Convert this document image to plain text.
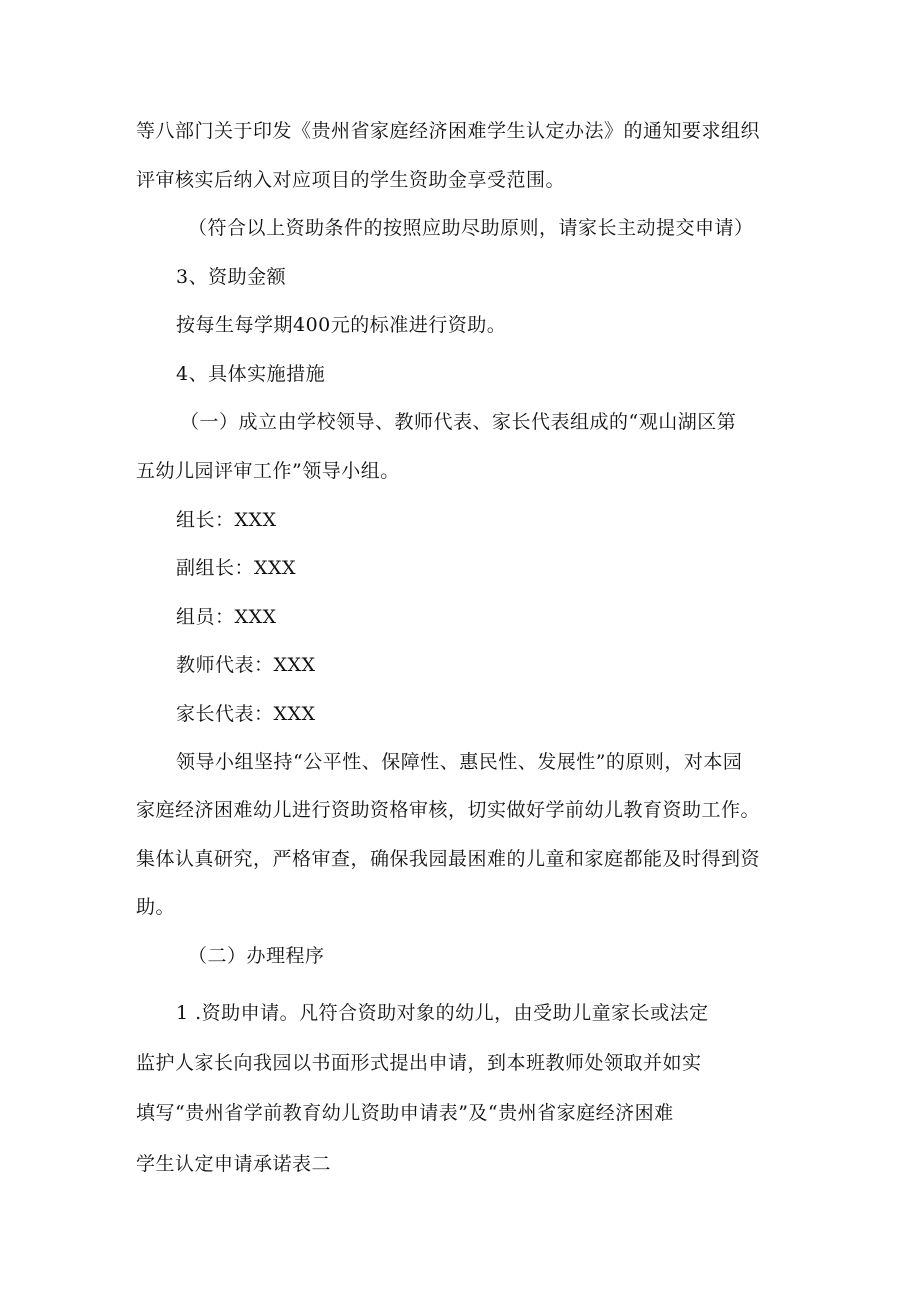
等八部门关于印发《贵州省家庭经济困难学生认定办法》的通知要求组织
评审核实后纳入对应项目的学生资助金享受范围。
（符合以上资助条件的按照应助尽助原则，请家长主动提交申请）
3、资助金额
按每生每学期400元的标准进行资助。
4、具体实施措施
（一）成立由学校领导、教师代表、家长代表组成的“观山湖区第
五幼儿园评审工作”领导小组。
组长：XXX
副组长：XXX
组员：XXX
教师代表：XXX
家长代表：XXX
领导小组坚持“公平性、保障性、惠民性、发展性”的原则，对本园
家庭经济困难幼儿进行资助资格审核，切实做好学前幼儿教育资助工作。
集体认真研究，严格审查，确保我园最困难的儿童和家庭都能及时得到资
助。
（二）办理程序
1 .资助申请。凡符合资助对象的幼儿，由受助儿童家长或法定
监护人家长向我园以书面形式提出申请，到本班教师处领取并如实
填写“贵州省学前教育幼儿资助申请表”及“贵州省家庭经济困难
学生认定申请承诺表二
